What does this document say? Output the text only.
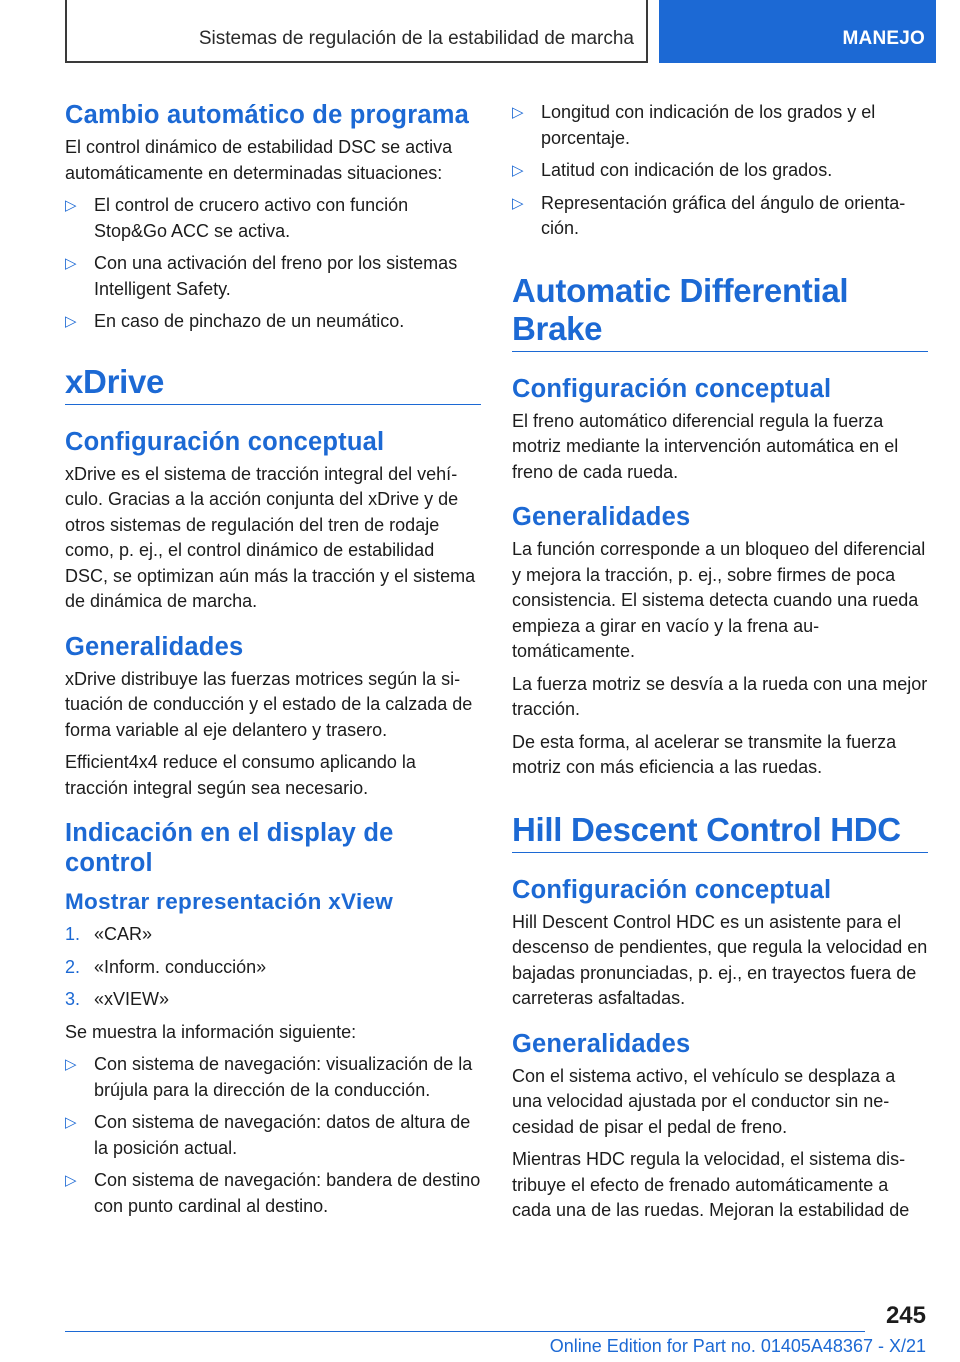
Sistemas de regulación de la estabilidad de marcha	MANEJO
Cambio automático de programa

El control dinámico de estabilidad DSC se activa automáticamente en determinadas situaciones:

▷ El control de crucero activo con función Stop&Go ACC se activa.
▷ Con una activación del freno por los sistemas Intelligent Safety.
▷ En caso de pinchazo de un neumático.
xDrive
Configuración conceptual

xDrive es el sistema de tracción integral del vehículo. Gracias a la acción conjunta del xDrive y de otros sistemas de regulación del tren de rodaje como, p. ej., el control dinámico de estabilidad DSC, se optimizan aún más la tracción y el sistema de dinámica de marcha.

Generalidades

xDrive distribuye las fuerzas motrices según la situación de conducción y el estado de la calzada de forma variable al eje delantero y trasero.

Efficient4x4 reduce el consumo aplicando la tracción integral según sea necesario.

Indicación en el display de control
Mostrar representación xView
1. «CAR»
2. «Inform. conducción»
3. «xVIEW»

Se muestra la información siguiente:

▷ Con sistema de navegación: visualización de la brújula para la dirección de la conducción.
▷ Con sistema de navegación: datos de altura de la posición actual.
▷ Con sistema de navegación: bandera de destino con punto cardinal al destino.
▷ Longitud con indicación de los grados y el porcentaje.
▷ Latitud con indicación de los grados.
▷ Representación gráfica del ángulo de orientación.
Automatic Differential Brake
Configuración conceptual

El freno automático diferencial regula la fuerza motriz mediante la intervención automática en el freno de cada rueda.

Generalidades

La función corresponde a un bloqueo del diferencial y mejora la tracción, p. ej., sobre firmes de poca consistencia. El sistema detecta cuando una rueda empieza a girar en vacío y la frena automáticamente.

La fuerza motriz se desvía a la rueda con una mejor tracción.

De esta forma, al acelerar se transmite la fuerza motriz con más eficiencia a las ruedas.

Hill Descent Control HDC
Configuración conceptual

Hill Descent Control HDC es un asistente para el descenso de pendientes, que regula la velocidad en bajadas pronunciadas, p. ej., en trayectos fuera de carreteras asfaltadas.

Generalidades

Con el sistema activo, el vehículo se desplaza a una velocidad ajustada por el conductor sin necesidad de pisar el pedal de freno.

Mientras HDC regula la velocidad, el sistema distribuye el efecto de frenado automáticamente a cada una de las ruedas. Mejoran la estabilidad de

245
Online Edition for Part no. 01405A48367 - X/21
